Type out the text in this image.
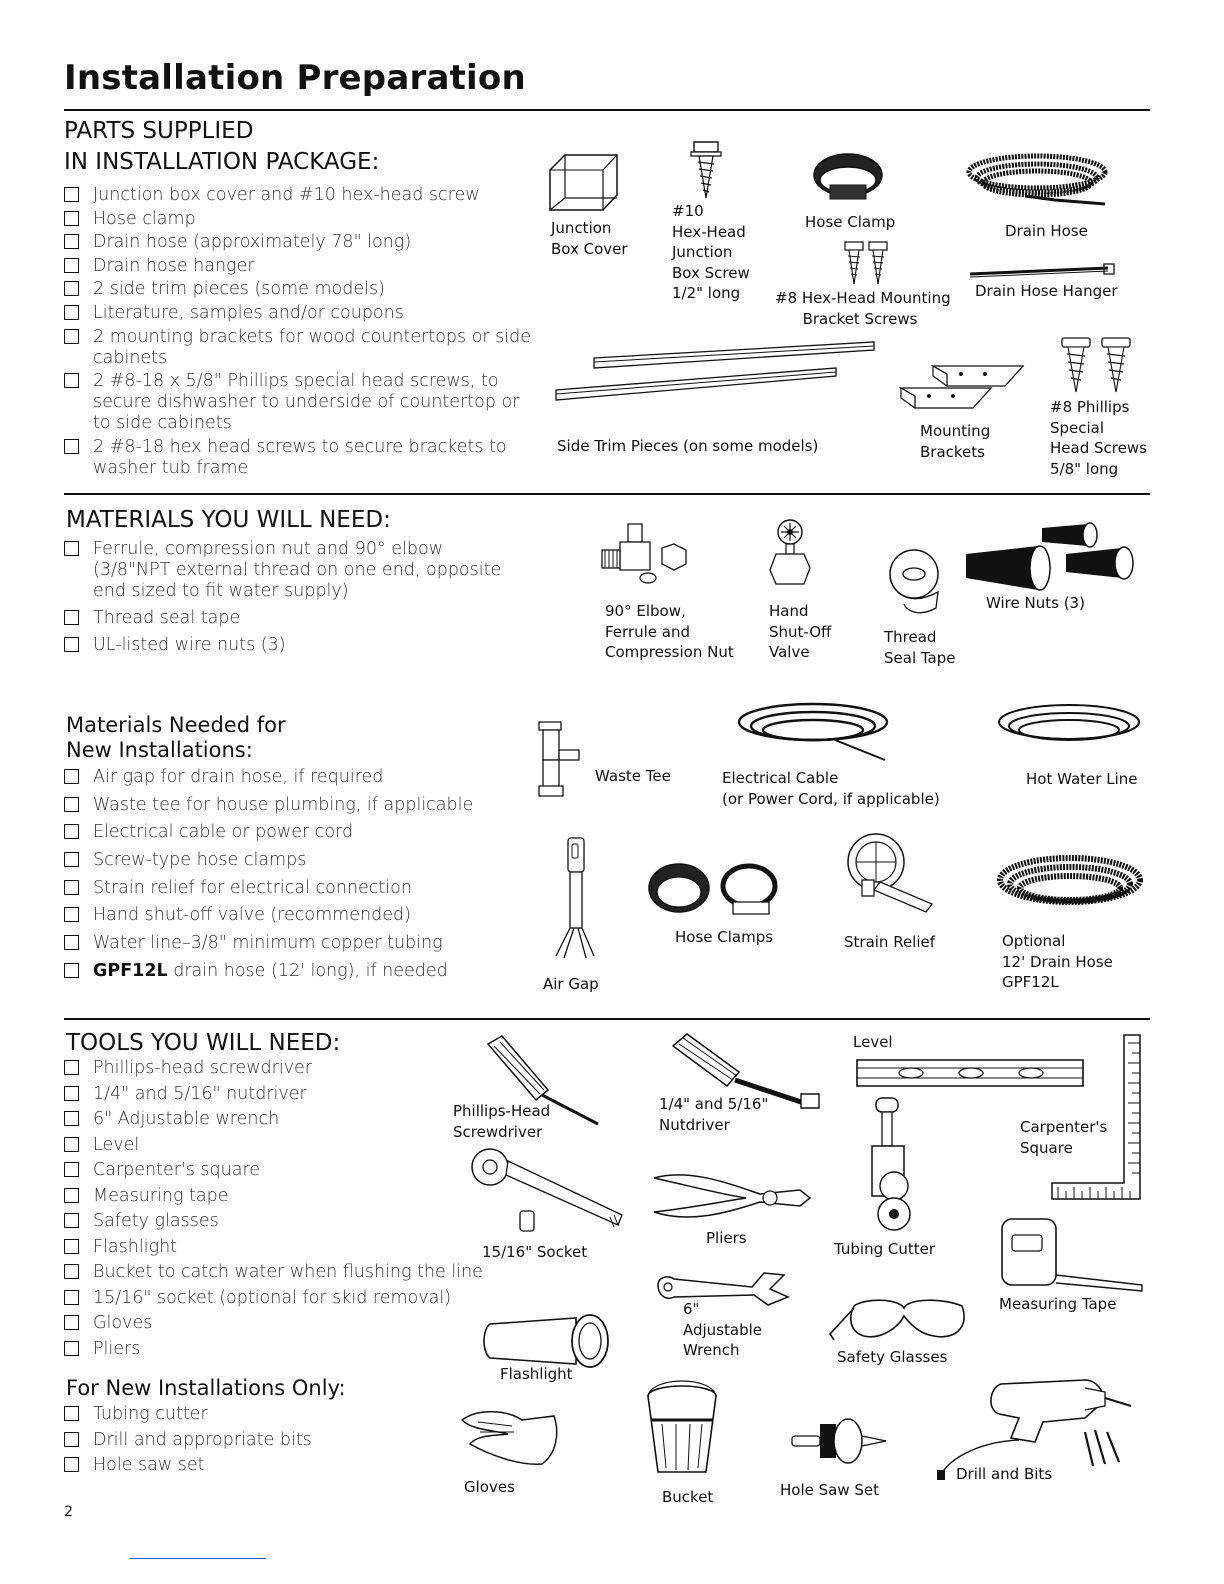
Installation Preparation
PARTS SUPPLIED
IN INSTALLATION PACKAGE:
Junction box cover and #10 hex-head screw
Hose clamp
Drain hose (approximately 78" long)
Drain hose hanger
2 side trim pieces (some models)
Literature, samples and/or coupons
2 mounting brackets for wood countertops or side cabinets
2 #8-18 x 5/8" Phillips special head screws, to secure dishwasher to underside of countertop or to side cabinets
2 #8-18 hex head screws to secure brackets to washer tub frame
MATERIALS YOU WILL NEED:
Ferrule, compression nut and 90° elbow (3/8"NPT external thread on one end, opposite end sized to fit water supply)
Thread seal tape
UL-listed wire nuts (3)
Materials Needed for
New Installations:
Air gap for drain hose, if required
Waste tee for house plumbing, if applicable
Electrical cable or power cord
Screw-type hose clamps
Strain relief for electrical connection
Hand shut-off valve (recommended)
Water line–3/8" minimum copper tubing
GPF12L drain hose (12' long), if needed
TOOLS YOU WILL NEED:
Phillips-head screwdriver
1/4" and 5/16" nutdriver
6" Adjustable wrench
Level
Carpenter's square
Measuring tape
Safety glasses
Flashlight
Bucket to catch water when flushing the line
15/16" socket (optional for skid removal)
Gloves
Pliers
For New Installations Only:
Tubing cutter
Drill and appropriate bits
Hole saw set
2
Junction
Box Cover
#10
Hex-Head
Junction
Box Screw
1/2" long
Hose Clamp
#8 Hex-Head Mounting
Bracket Screws
Drain Hose
Drain Hose Hanger
Side Trim Pieces (on some models)
Mounting
Brackets
#8 Phillips
Special
Head Screws
5/8" long
90° Elbow,
Ferrule and
Compression Nut
Hand
Shut-Off
Valve
Thread
Seal Tape
Wire Nuts (3)
Waste Tee	Electrical Cable
(or Power Cord, if applicable)
Hot Water Line
Air Gap
Hose Clamps	Strain Relief	Optional
12' Drain Hose
GPF12L
Phillips-Head
Screwdriver
1/4" and 5/16"
Nutdriver
Level
Carpenter's
Square
15/16" Socket
Pliers
Tubing Cutter
Measuring Tape
6"
Adjustable
Wrench	Safety Glasses
Flashlight
Gloves
Bucket	Hole Saw Set
Drill and Bits
